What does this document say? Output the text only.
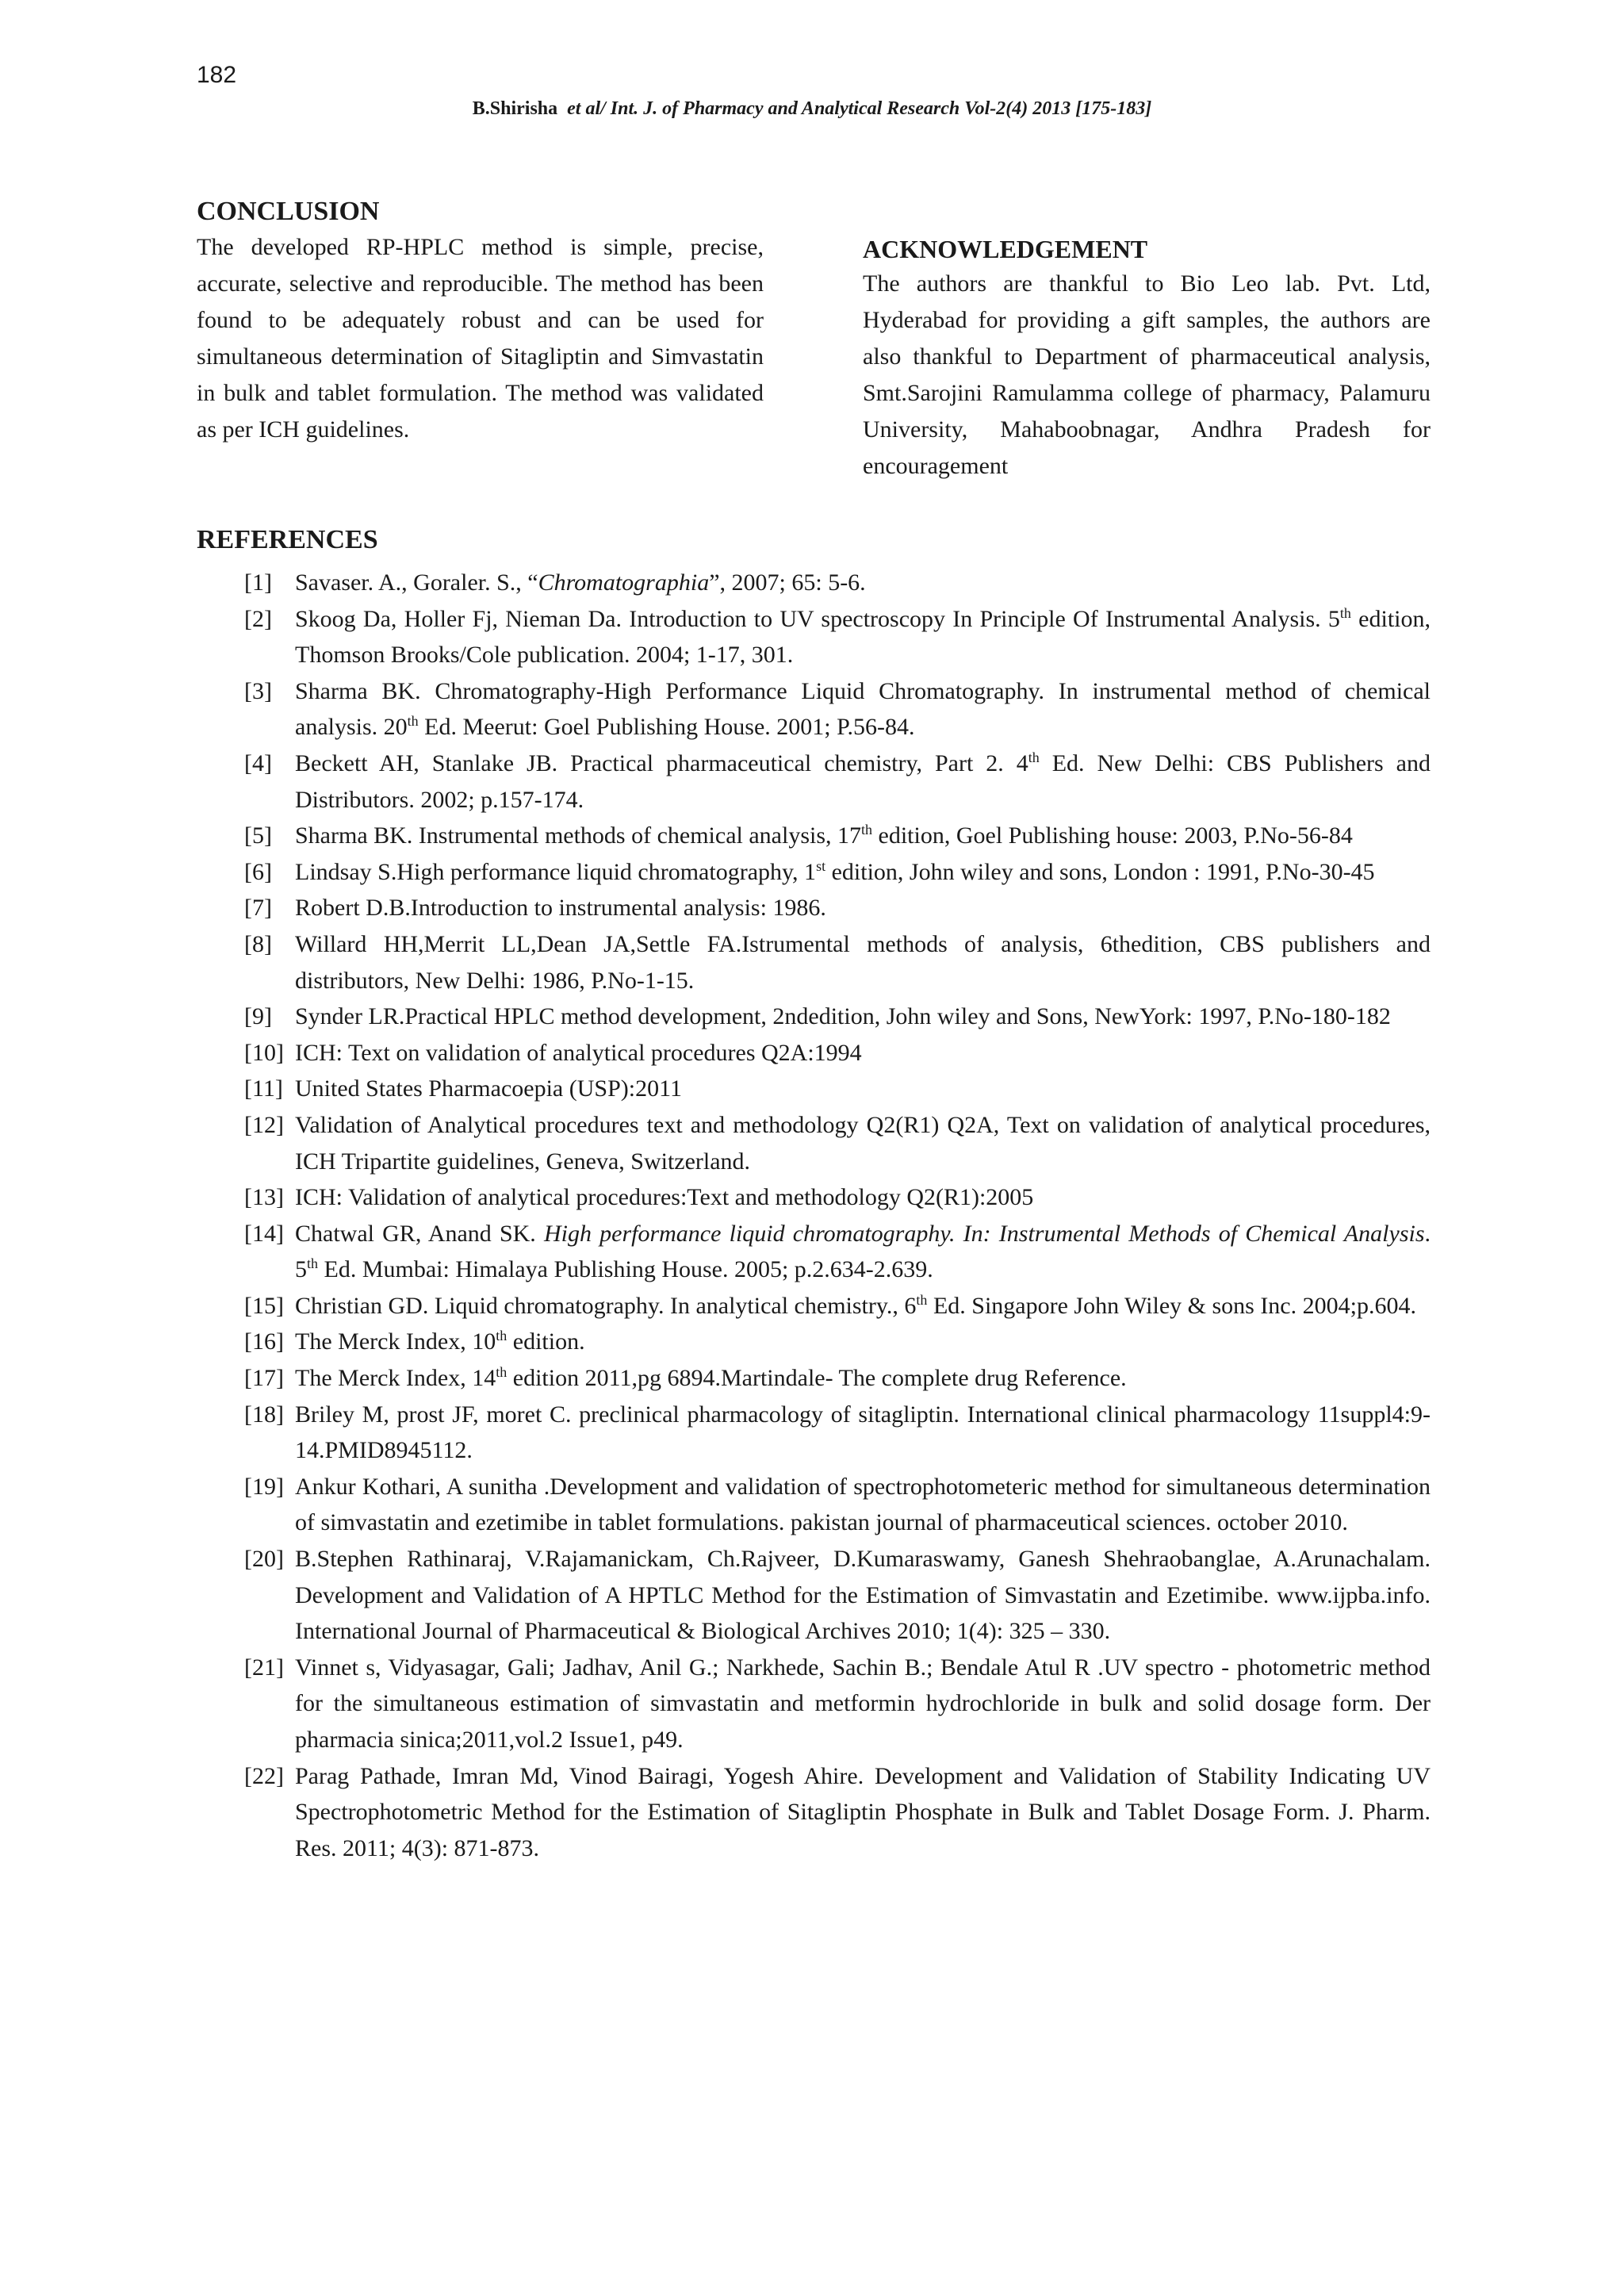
182
B.Shirisha et al/ Int. J. of Pharmacy and Analytical Research Vol-2(4) 2013 [175-183]
CONCLUSION

The developed RP-HPLC method is simple, precise, accurate, selective and reproducible. The method has been found to be adequately robust and can be used for simultaneous determination of Sitagliptin and Simvastatin in bulk and tablet formulation. The method was validated as per ICH guidelines.

ACKNOWLEDGEMENT

The authors are thankful to Bio Leo lab. Pvt. Ltd, Hyderabad for providing a gift samples, the authors are also thankful to Department of pharmaceutical analysis, Smt.Sarojini Ramulamma college of pharmacy, Palamuru University, Mahaboobnagar, Andhra Pradesh for encouragement

REFERENCES
[1] Savaser. A., Goraler. S., “Chromatographia”, 2007; 65: 5-6.
[2] Skoog Da, Holler Fj, Nieman Da. Introduction to UV spectroscopy In Principle Of Instrumental Analysis. 5th edition, Thomson Brooks/Cole publication. 2004; 1-17, 301.
[3] Sharma BK. Chromatography-High Performance Liquid Chromatography. In instrumental method of chemical analysis. 20th Ed. Meerut: Goel Publishing House. 2001; P.56-84.
[4] Beckett AH, Stanlake JB. Practical pharmaceutical chemistry, Part 2. 4th Ed. New Delhi: CBS Publishers and Distributors. 2002; p.157-174.
[5] Sharma BK. Instrumental methods of chemical analysis, 17th edition, Goel Publishing house: 2003, P.No-56-84
[6] Lindsay S.High performance liquid chromatography, 1st edition, John wiley and sons, London : 1991, P.No-30-45
[7] Robert D.B.Introduction to instrumental analysis: 1986.
[8] Willard HH,Merrit LL,Dean JA,Settle FA.Istrumental methods of analysis, 6thedition, CBS publishers and distributors, New Delhi: 1986, P.No-1-15.
[9] Synder LR.Practical HPLC method development, 2ndedition, John wiley and Sons, NewYork: 1997, P.No-180-182
[10] ICH: Text on validation of analytical procedures Q2A:1994
[11] United States Pharmacoepia (USP):2011
[12] Validation of Analytical procedures text and methodology Q2(R1) Q2A, Text on validation of analytical procedures, ICH Tripartite guidelines, Geneva, Switzerland.
[13] ICH: Validation of analytical procedures:Text and methodology Q2(R1):2005
[14] Chatwal GR, Anand SK. High performance liquid chromatography. In: Instrumental Methods of Chemical Analysis. 5th Ed. Mumbai: Himalaya Publishing House. 2005; p.2.634-2.639.
[15] Christian GD. Liquid chromatography. In analytical chemistry., 6th Ed. Singapore John Wiley & sons Inc. 2004;p.604.
[16] The Merck Index, 10th edition.
[17] The Merck Index, 14th edition 2011,pg 6894.Martindale- The complete drug Reference.
[18] Briley M, prost JF, moret C. preclinical pharmacology of sitagliptin. International clinical pharmacology 11suppl4:9-14.PMID8945112.
[19] Ankur Kothari, A sunitha .Development and validation of spectrophotometeric method for simultaneous determination of simvastatin and ezetimibe in tablet formulations. pakistan journal of pharmaceutical sciences. october 2010.
[20] B.Stephen Rathinaraj, V.Rajamanickam, Ch.Rajveer, D.Kumaraswamy, Ganesh Shehraobanglae, A.Arunachalam. Development and Validation of A HPTLC Method for the Estimation of Simvastatin and Ezetimibe. www.ijpba.info. International Journal of Pharmaceutical & Biological Archives 2010; 1(4): 325 – 330.
[21] Vinnet s, Vidyasagar, Gali; Jadhav, Anil G.; Narkhede, Sachin B.; Bendale Atul R .UV spectro - photometric method for the simultaneous estimation of simvastatin and metformin hydrochloride in bulk and solid dosage form. Der pharmacia sinica;2011,vol.2 Issue1, p49.
[22] Parag Pathade, Imran Md, Vinod Bairagi, Yogesh Ahire. Development and Validation of Stability Indicating UV Spectrophotometric Method for the Estimation of Sitagliptin Phosphate in Bulk and Tablet Dosage Form. J. Pharm. Res. 2011; 4(3): 871-873.
